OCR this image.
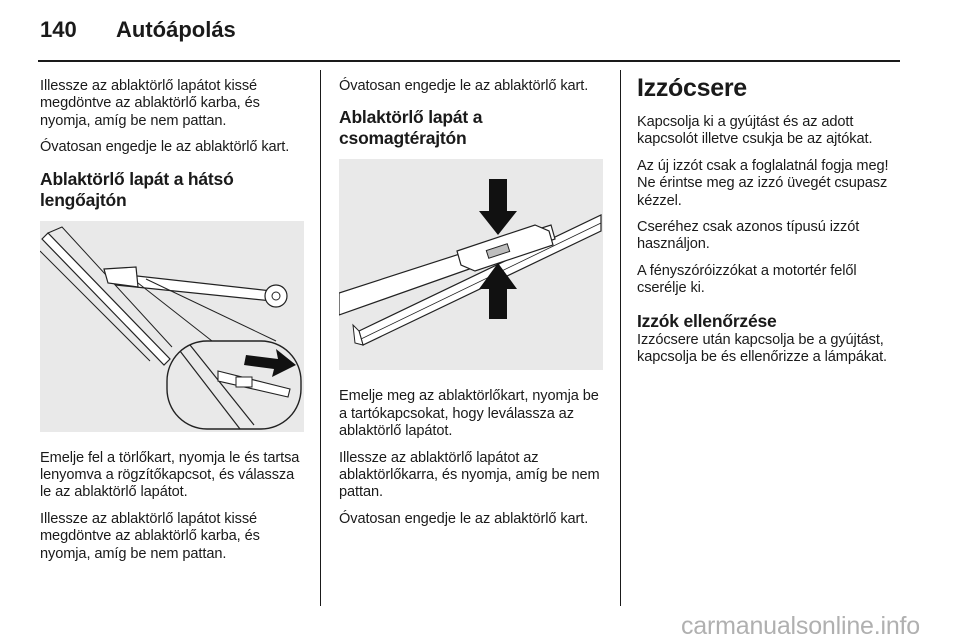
140 Autóápolás

Illessze az ablaktörlő lapátot kissé megdöntve az ablaktörlő karba, és nyomja, amíg be nem pattan.

Óvatosan engedje le az ablaktörlő kart.

Ablaktörlő lapát a hátsó lengőajtón

Emelje fel a törlőkart, nyomja le és tartsa lenyomva a rögzítőkapcsot, és válassza le az ablaktörlő lapátot.

Illessze az ablaktörlő lapátot kissé megdöntve az ablaktörlő karba, és nyomja, amíg be nem pattan.

Óvatosan engedje le az ablaktörlő kart.

Ablaktörlő lapát a csomagtérajtón

Emelje meg az ablaktörlőkart, nyomja be a tartókapcsokat, hogy leválassza az ablaktörlő lapátot.

Illessze az ablaktörlő lapátot az ablaktörlőkarra, és nyomja, amíg be nem pattan.

Óvatosan engedje le az ablaktörlő kart.

Izzócsere

Kapcsolja ki a gyújtást és az adott kapcsolót illetve csukja be az ajtókat.

Az új izzót csak a foglalatnál fogja meg! Ne érintse meg az izzó üvegét csupasz kézzel.

Cseréhez csak azonos típusú izzót használjon.

A fényszóróizzókat a motortér felől cserélje ki.

Izzók ellenőrzése

Izzócsere után kapcsolja be a gyújtást, kapcsolja be és ellenőrizze a lámpákat.

carmanualsonline.info
